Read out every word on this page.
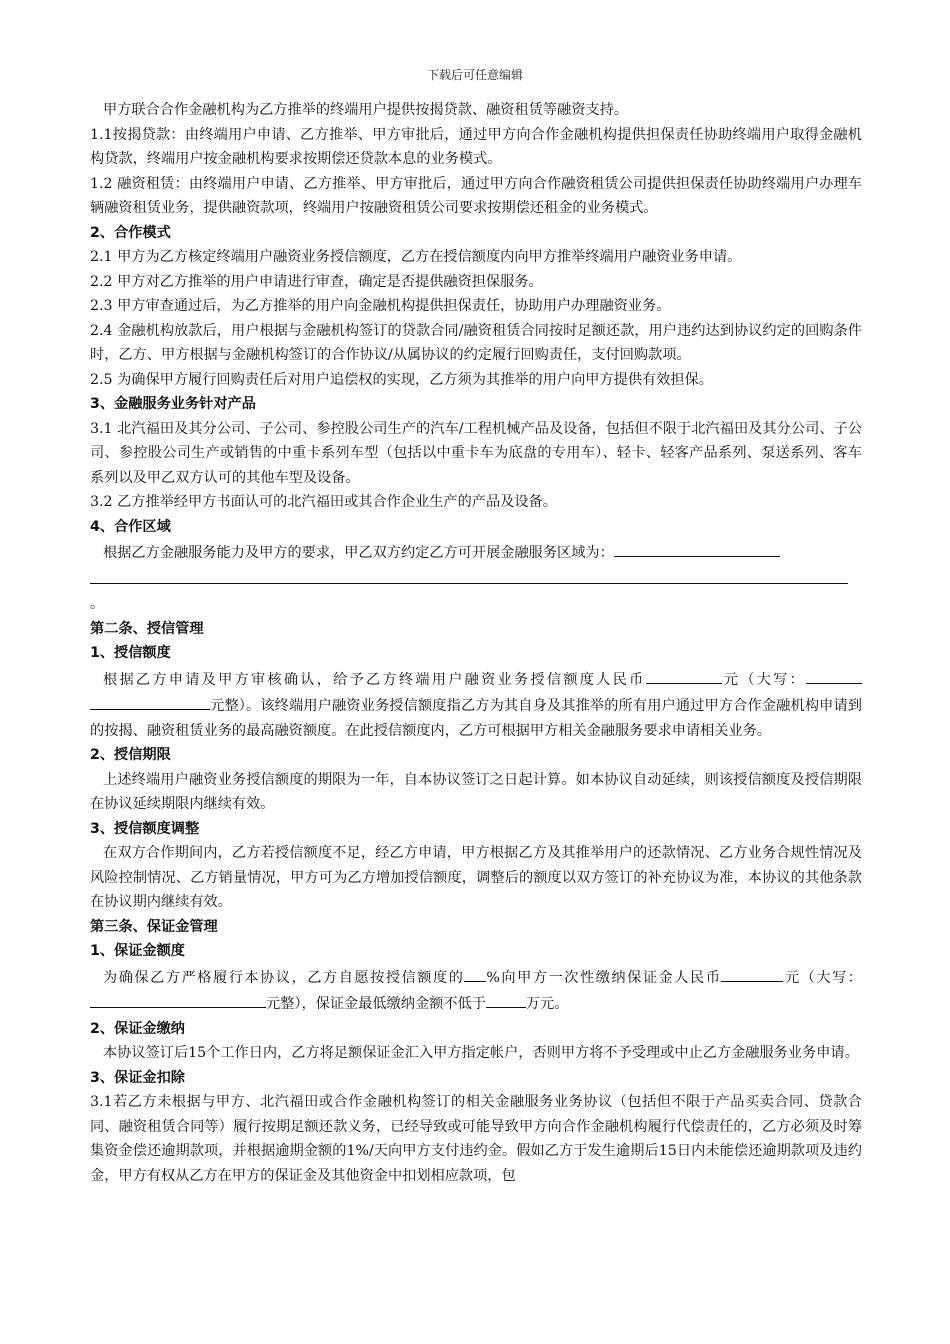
下载后可任意编辑

甲方联合合作金融机构为乙方推举的终端用户提供按揭贷款、融资租赁等融资支持。

1.1按揭贷款：由终端用户申请、乙方推举、甲方审批后，通过甲方向合作金融机构提供担保责任协助终端用户取得金融机构贷款，终端用户按金融机构要求按期偿还贷款本息的业务模式。

1.2 融资租赁：由终端用户申请、乙方推举、甲方审批后，通过甲方向合作融资租赁公司提供担保责任协助终端用户办理车辆融资租赁业务，提供融资款项，终端用户按融资租赁公司要求按期偿还租金的业务模式。

2、合作模式

2.1 甲方为乙方核定终端用户融资业务授信额度，乙方在授信额度内向甲方推举终端用户融资业务申请。

2.2 甲方对乙方推举的用户申请进行审查，确定是否提供融资担保服务。

2.3 甲方审查通过后，为乙方推举的用户向金融机构提供担保责任，协助用户办理融资业务。

2.4 金融机构放款后，用户根据与金融机构签订的贷款合同/融资租赁合同按时足额还款，用户违约达到协议约定的回购条件时，乙方、甲方根据与金融机构签订的合作协议/从属协议的约定履行回购责任，支付回购款项。

2.5 为确保甲方履行回购责任后对用户追偿权的实现，乙方须为其推举的用户向甲方提供有效担保。

3、金融服务业务针对产品

3.1 北汽福田及其分公司、子公司、参控股公司生产的汽车/工程机械产品及设备，包括但不限于北汽福田及其分公司、子公司、参控股公司生产或销售的中重卡系列车型（包括以中重卡车为底盘的专用车）、轻卡、轻客产品系列、泵送系列、客车系列以及甲乙双方认可的其他车型及设备。

3.2 乙方推举经甲方书面认可的北汽福田或其合作企业生产的产品及设备。

4、合作区域

根据乙方金融服务能力及甲方的要求，甲乙双方约定乙方可开展金融服务区域为：

。

第二条、授信管理

1、授信额度

根据乙方申请及甲方审核确认，给予乙方终端用户融资业务授信额度人民币	元（大写：元整）。该终端用户融资业务授信额度指乙方为其自身及其推举的所有用户通过甲方合作金融机构申请到的按揭、融资租赁业务的最高融资额度。在此授信额度内，乙方可根据甲方相关金融服务要求申请相关业务。

2、授信期限

上述终端用户融资业务授信额度的期限为一年，自本协议签订之日起计算。如本协议自动延续，则该授信额度及授信期限在协议延续期限内继续有效。

3、授信额度调整

在双方合作期间内，乙方若授信额度不足，经乙方申请，甲方根据乙方及其推举用户的还款情况、乙方业务合规性情况及风险控制情况、乙方销量情况，甲方可为乙方增加授信额度，调整后的额度以双方签订的补充协议为准，本协议的其他条款在协议期内继续有效。

第三条、保证金管理

1、保证金额度

为确保乙方严格履行本协议，乙方自愿按授信额度的 %向甲方一次性缴纳保证金人民币	元（大写：元整），保证金最低缴纳金额不低于	万元。

2、保证金缴纳

本协议签订后15个工作日内，乙方将足额保证金汇入甲方指定帐户，否则甲方将不予受理或中止乙方金融服务业务申请。

3、保证金扣除

3.1若乙方未根据与甲方、北汽福田或合作金融机构签订的相关金融服务业务协议（包括但不限于产品买卖合同、贷款合同、融资租赁合同等）履行按期足额还款义务，已经导致或可能导致甲方向合作金融机构履行代偿责任的，乙方必须及时筹集资金偿还逾期款项，并根据逾期金额的1%/天向甲方支付违约金。假如乙方于发生逾期后15日内未能偿还逾期款项及违约金，甲方有权从乙方在甲方的保证金及其他资金中扣划相应款项，包
